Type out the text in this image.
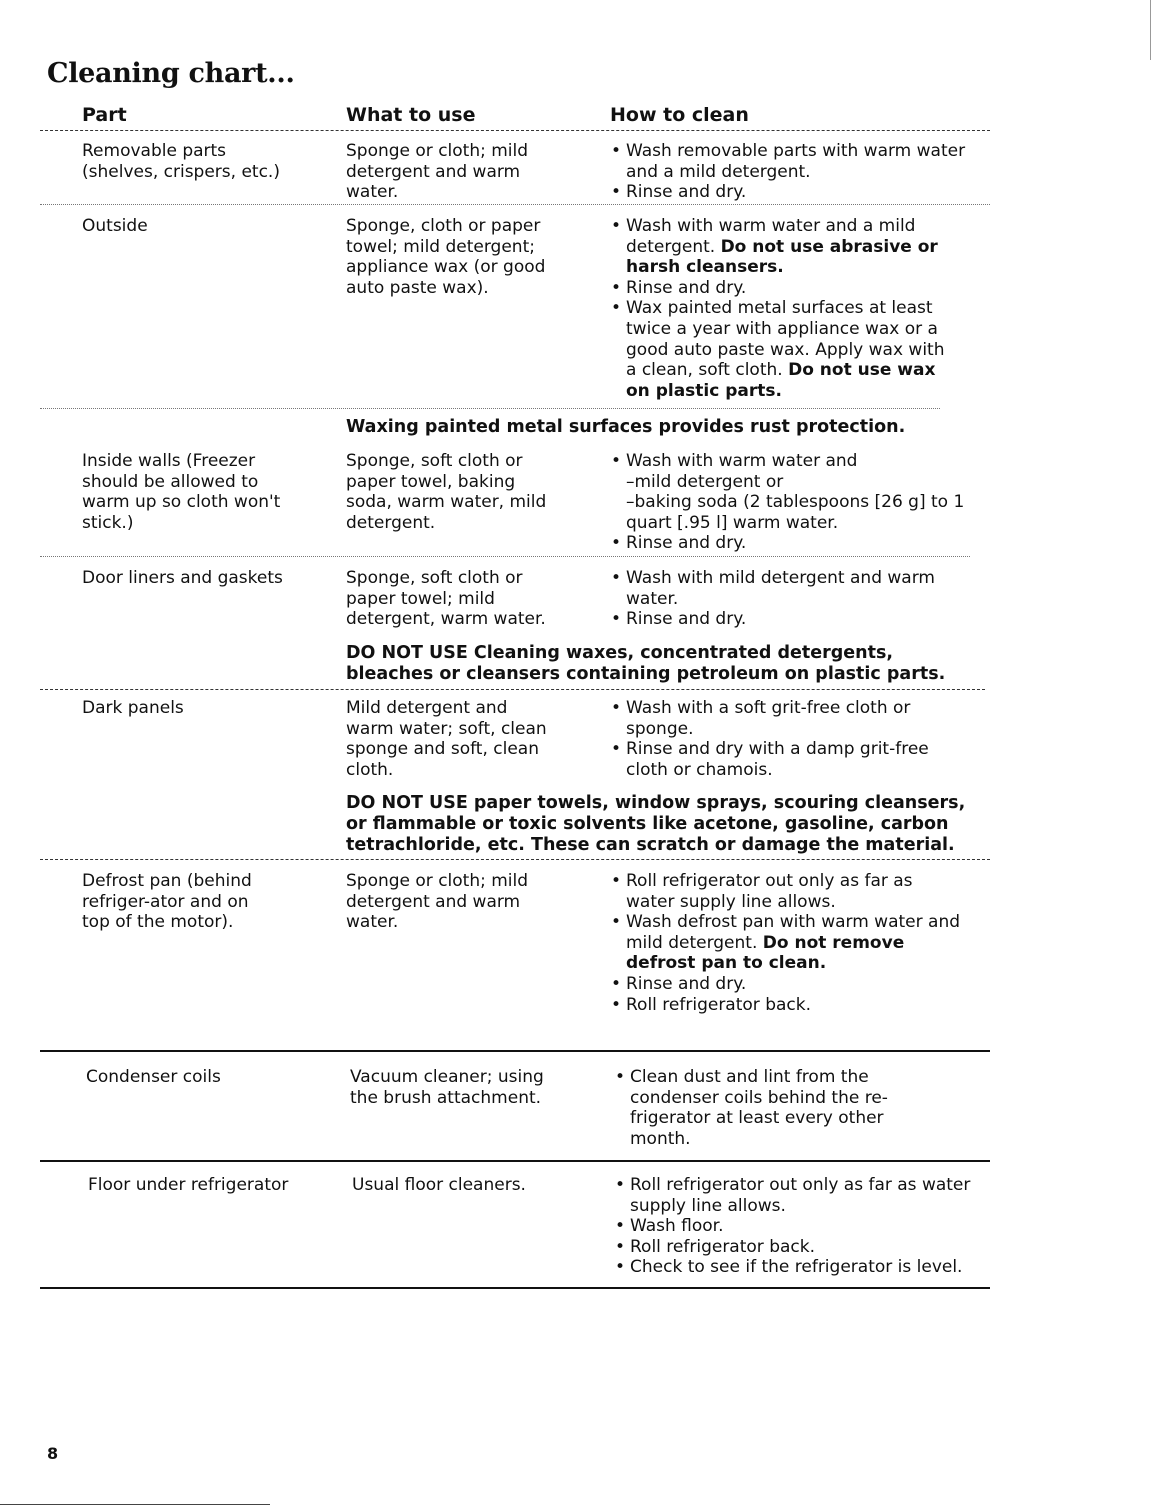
Cleaning chart...
Part	What to use	How to clean
Removable parts (shelves, crispers, etc.)
Sponge or cloth; mild detergent and warm water.
• Wash removable parts with warm water and a mild detergent.
• Rinse and dry.
Outside	Sponge, cloth or paper towel; mild detergent; appliance wax (or good auto paste wax).
• Wash with warm water and a mild detergent. Do not use abrasive or harsh cleansers.
• Rinse and dry.
• Wax painted metal surfaces at least twice a year with appliance wax or a good auto paste wax. Apply wax with a clean, soft cloth. Do not use wax on plastic parts.
Waxing painted metal surfaces provides rust protection.
Inside walls (Freezer should be allowed to warm up so cloth won't stick.)
Sponge, soft cloth or paper towel, baking soda, warm water, mild detergent.
• Wash with warm water and
–mild detergent or
–baking soda (2 tablespoons [26 g] to 1 quart [.95 l] warm water.
• Rinse and dry.
Door liners and gaskets	Sponge, soft cloth or paper towel; mild detergent, warm water.
• Wash with mild detergent and warm water.
• Rinse and dry.
DO NOT USE Cleaning waxes, concentrated detergents, bleaches or cleansers containing petroleum on plastic parts.
Dark panels	Mild detergent and warm water; soft, clean sponge and soft, clean cloth.
• Wash with a soft grit-free cloth or sponge.
• Rinse and dry with a damp grit-free cloth or chamois.
DO NOT USE paper towels, window sprays, scouring cleansers, or flammable or toxic solvents like acetone, gasoline, carbon tetrachloride, etc. These can scratch or damage the material.
Defrost pan (behind refriger-ator and on top of the motor).
Sponge or cloth; mild detergent and warm water.
• Roll refrigerator out only as far as water supply line allows.
• Wash defrost pan with warm water and mild detergent. Do not remove defrost pan to clean.
• Rinse and dry.
• Roll refrigerator back.
Condenser coils	Vacuum cleaner; using the brush attachment.
• Clean dust and lint from the condenser coils behind the re-frigerator at least every other month.
Floor under refrigerator	Usual floor cleaners.
•	Roll refrigerator out only as far as water supply line allows.
• Wash floor.
• Roll refrigerator back.
• Check to see if the refrigerator is level.
8
